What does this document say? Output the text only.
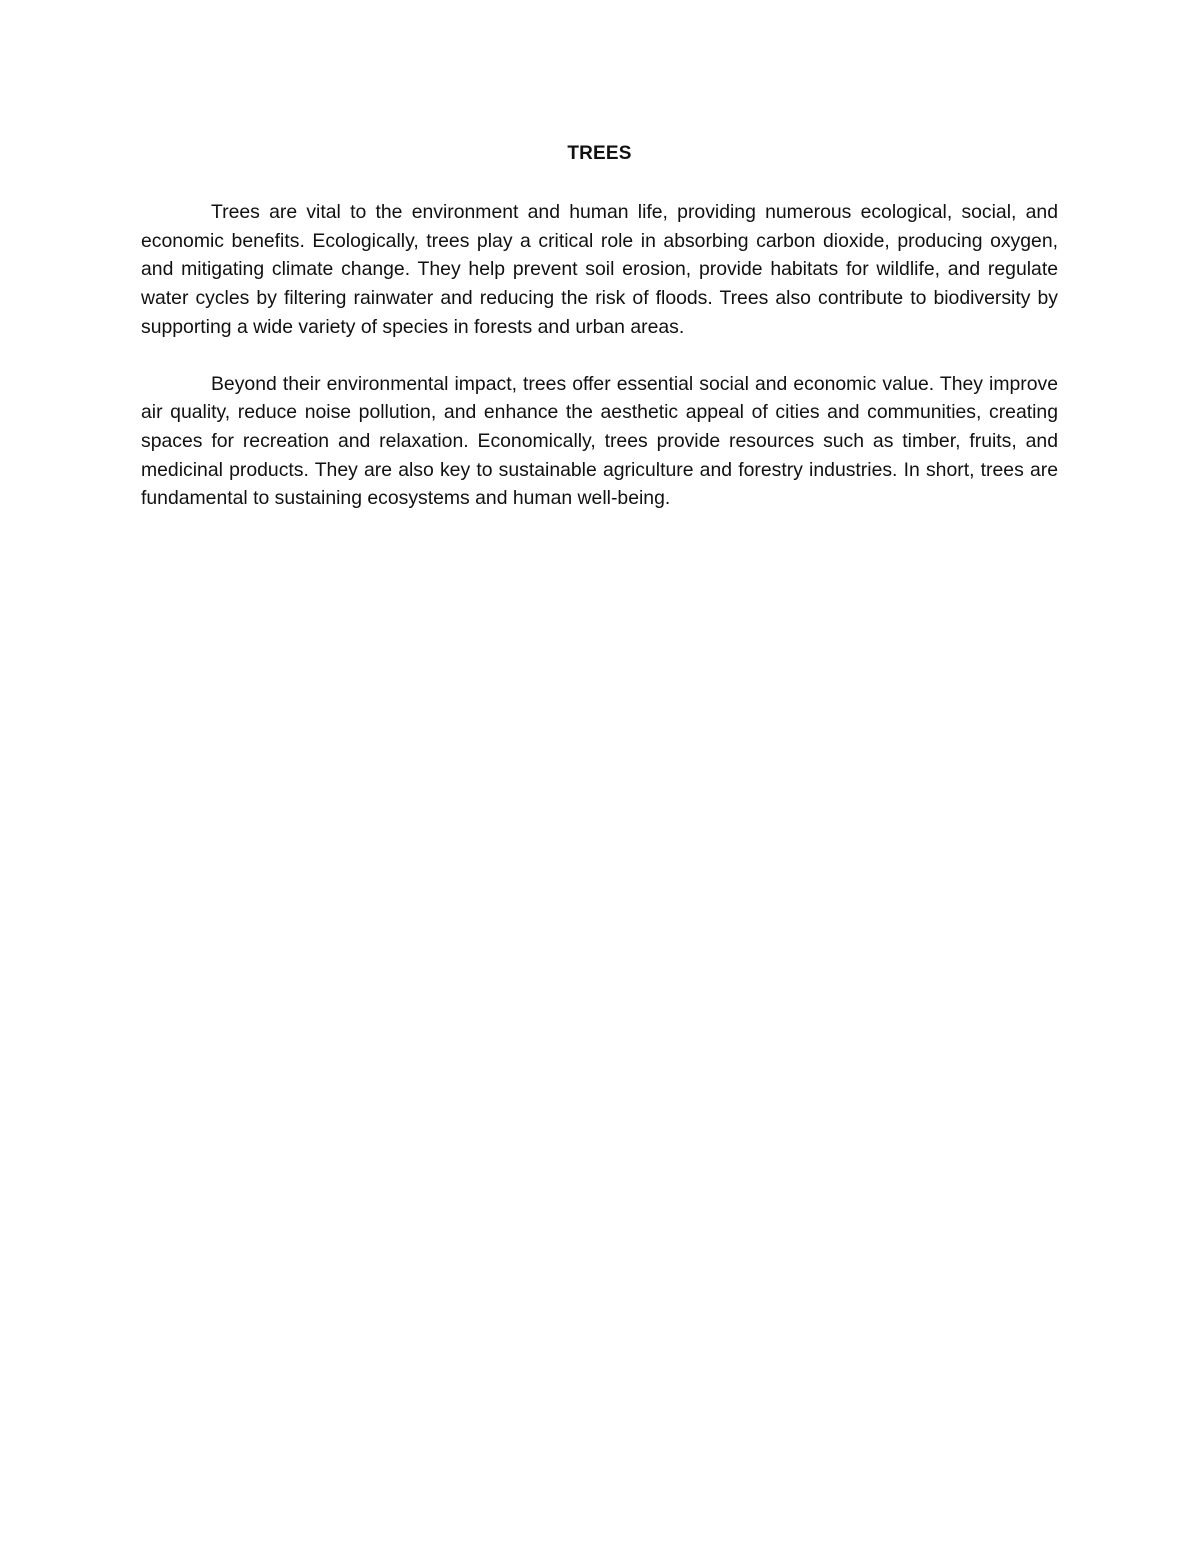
TREES

Trees are vital to the environment and human life, providing numerous ecological, social, and economic benefits. Ecologically, trees play a critical role in absorbing carbon dioxide, producing oxygen, and mitigating climate change. They help prevent soil erosion, provide habitats for wildlife, and regulate water cycles by filtering rainwater and reducing the risk of floods. Trees also contribute to biodiversity by supporting a wide variety of species in forests and urban areas.

Beyond their environmental impact, trees offer essential social and economic value. They improve air quality, reduce noise pollution, and enhance the aesthetic appeal of cities and communities, creating spaces for recreation and relaxation. Economically, trees provide resources such as timber, fruits, and medicinal products. They are also key to sustainable agriculture and forestry industries. In short, trees are fundamental to sustaining ecosystems and human well-being.
